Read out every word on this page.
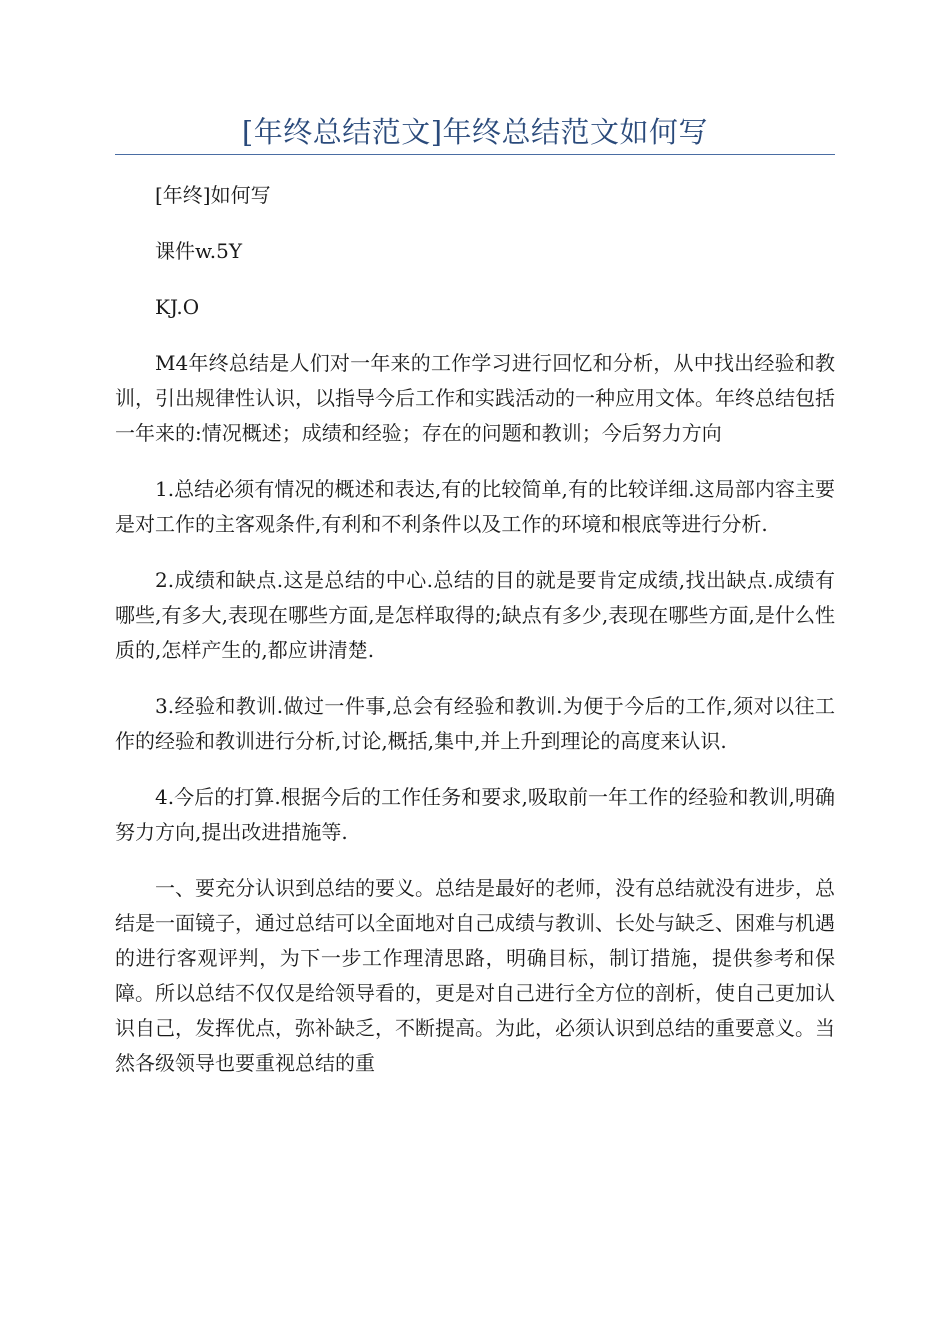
[年终总结范文]年终总结范文如何写

[年终]如何写

课件w.5Y

KJ.O

M4年终总结是人们对一年来的工作学习进行回忆和分析，从中找出经验和教训，引出规律性认识，以指导今后工作和实践活动的一种应用文体。年终总结包括一年来的:情况概述；成绩和经验；存在的问题和教训；今后努力方向

1.总结必须有情况的概述和表达,有的比较简单,有的比较详细.这局部内容主要是对工作的主客观条件,有利和不利条件以及工作的环境和根底等进行分析.

2.成绩和缺点.这是总结的中心.总结的目的就是要肯定成绩,找出缺点.成绩有哪些,有多大,表现在哪些方面,是怎样取得的;缺点有多少,表现在哪些方面,是什么性质的,怎样产生的,都应讲清楚.

3.经验和教训.做过一件事,总会有经验和教训.为便于今后的工作,须对以往工作的经验和教训进行分析,讨论,概括,集中,并上升到理论的高度来认识.

4.今后的打算.根据今后的工作任务和要求,吸取前一年工作的经验和教训,明确努力方向,提出改进措施等.

一、要充分认识到总结的要义。总结是最好的老师，没有总结就没有进步，总结是一面镜子，通过总结可以全面地对自己成绩与教训、长处与缺乏、困难与机遇的进行客观评判，为下一步工作理清思路，明确目标，制订措施，提供参考和保障。所以总结不仅仅是给领导看的，更是对自己进行全方位的剖析，使自己更加认识自己，发挥优点，弥补缺乏，不断提高。为此，必须认识到总结的重要意义。当然各级领导也要重视总结的重
